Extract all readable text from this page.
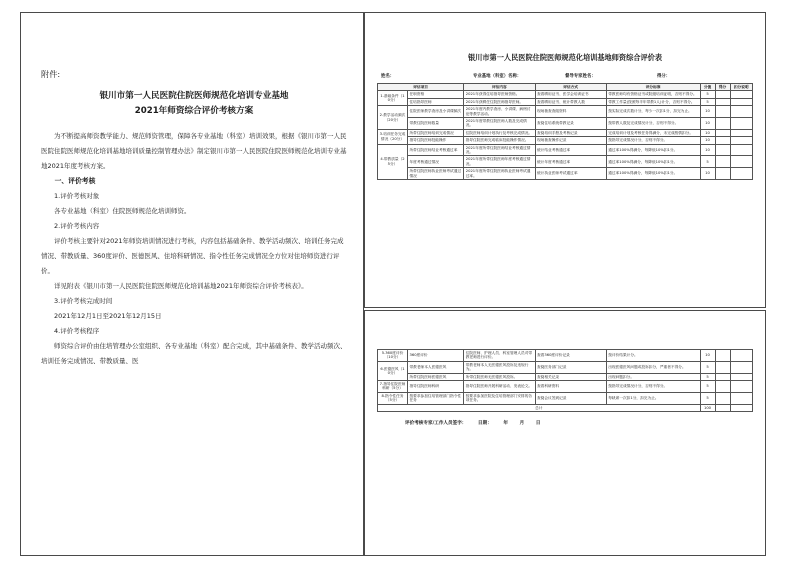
附件:

银川市第一人民医院住院医师规范化培训专业基地
2021年师资综合评价考核方案

为不断提高师资教学能力、规范师资管理，保障各专业基地（科室）培训效果，根据《银川市第一人民医院住院医师规范化培训基地培训质量控制管理办法》制定银川市第一人民医院住院医师规范化培训专业基地2021年度考核方案。

一、评价考核

1.评价考核对象

各专业基地（科室）住院医师规范化培训师资。

2.评价考核内容

评价考核主要针对2021年师资培训情况进行考核，内容包括基础条件、教学活动频次、培训任务完成情况、带教质量、360度评价、医德医风、住培科研情况、指令性任务完成情况全方位对住培师资进行评价。

详见附表《银川市第一人民医院住院医师规范化培训基地2021年师资综合评价考核表》。

3.评价考核完成时间

2021年12月1日至2021年12月15日

4.评价考核程序

师资综合评价由住培管理办公室组织、各专业基地（科室）配合完成，其中基础条件、教学活动频次、培训任务完成情况、带教质量、医

银川市第一人民医院住院医师规范化培训基地师资综合评价表
姓名：	专业基地（科室）名称：	督导专家姓名：	得分：
评估项目		评估内容	评估方式	评分标准	分值	得分	扣分说明
1.基础条件（10分）	任职资格	2021年获得住培指导医师资格。	查看聘用证书、医学会培训证书	带教医师均有资格证书或院级培训证明，否则不得分。	5		
	住培指导医师	2021年获聘任住院医师指导医师。	查看聘用证书、统计带教人数	带教工作量(按照每半年带教1人)计分，否则不得分。	5		
2.教学活动频次（20分）	住院医师教学查房及小讲课频次	2021年度内教学查房、小讲课、病例讨论等教学活动。	现场抽查查阅资料	按实际完成次数计分，每少一次扣1分，扣完为止。	10		
	带教住院医师数量	2021年度带教住院医师人数及完成情况。	查阅住培系统带教记录	按带教人数及完成情况计分，否则不得分。	10		
3.培训任务完成情况（20分）	所带住院医师培训完成情况	住院医师培训计划执行及考核完成情况。	查阅培训手册及考核记录	完成培训计划及考核任务得满分，未完成酌情扣分。	10		
	指导住院医师技能操作	指导住院医师完成临床技能操作情况。	现场抽查操作记录	按指导完成情况计分，否则不得分。	10		
4.带教质量（25分）	所带住院医师结业考核通过率	2021年度所带住院医师结业考核通过情况。	统计结业考核通过率	通过率100%得满分，每降低10%扣1分。	10		
	年度考核通过情况	2021年度所带住院医师年度考核通过情况。	统计年度考核通过率	通过率100%得满分，每降低10%扣1分。	5		
	所带住院医师执业医师考试通过情况	2021年度所带住院医师执业医师考试通过率。	统计执业医师考试通过率	通过率100%得满分，每降低10%扣1分。	10		
5.360度评价（10分）	360度评价	住院医师、护理人员、科室管理人员对带教老师进行评价。	查看360度评价记录	按评价结果计分。	10		
6.医德医风（10分）	带教老师本人医德医风	带教老师本人无医德医风投诉及违规行为。	查阅医务部门记录	出现医德医风问题或投诉扣分，严重者不得分。	5		
	所带住院医师医德医风	所带住院医师无医德医风投诉。	查阅相关记录	出现问题扣分。	5		
7.指导住院医师科研（5分）	指导住院医师科研	指导住院医师开展科研活动、发表论文。	查看科研资料	按指导完成情况计分，否则不得分。	5		
8.指令性任务（5分）	按要求参加住培管理部门指令性任务	按要求参加医院及住培管理部门安排的各项任务。	查阅会议签到记录	每缺席一次扣1分，扣完为止。	5		
总计					100		
评价考核专家/工作人员签字：	日期：	年	月	日
